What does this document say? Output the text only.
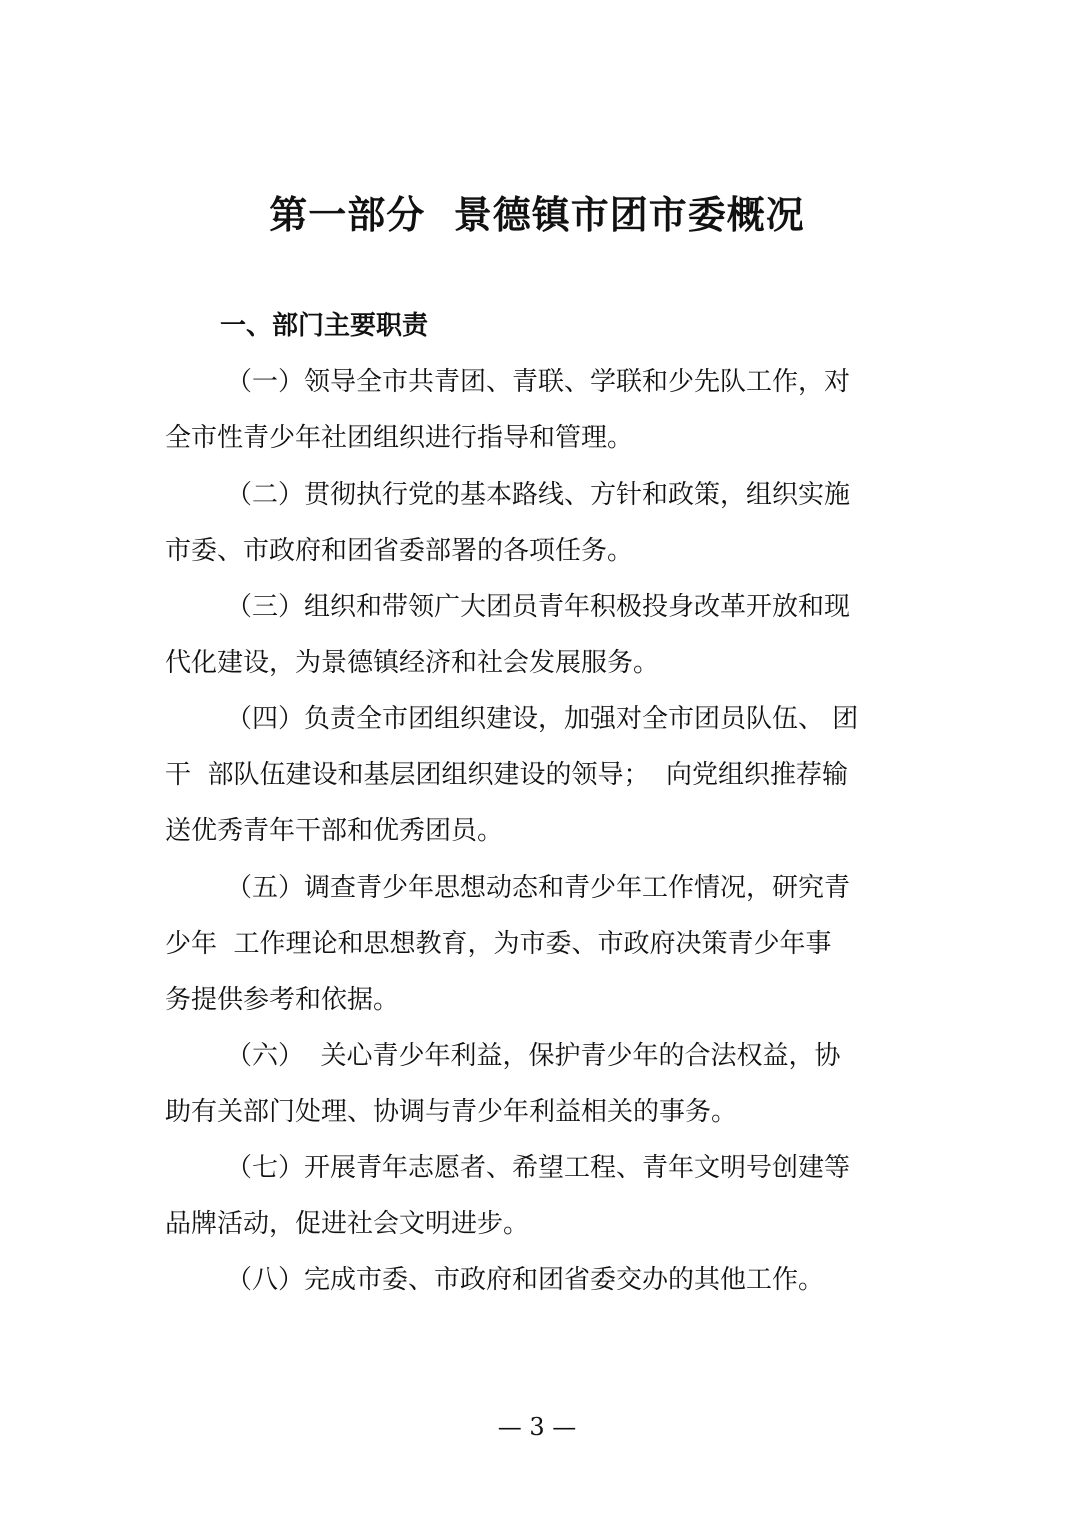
第一部分  景德镇市团市委概况
一、部门主要职责
（一）领导全市共青团、青联、学联和少先队工作，对
全市性青少年社团组织进行指导和管理。
（二）贯彻执行党的基本路线、方针和政策，组织实施
市委、市政府和团省委部署的各项任务。
（三）组织和带领广大团员青年积极投身改革开放和现
代化建设，为景德镇经济和社会发展服务。
（四）负责全市团组织建设，加强对全市团员队伍、 团
干  部队伍建设和基层团组织建设的领导；  向党组织推荐输
送优秀青年干部和优秀团员。
（五）调查青少年思想动态和青少年工作情况，研究青
少年  工作理论和思想教育，为市委、市政府决策青少年事
务提供参考和依据。
（六）  关心青少年利益，保护青少年的合法权益，协
助有关部门处理、协调与青少年利益相关的事务。
（七）开展青年志愿者、希望工程、青年文明号创建等
品牌活动，促进社会文明进步。
（八）完成市委、市政府和团省委交办的其他工作。
— 3 —
